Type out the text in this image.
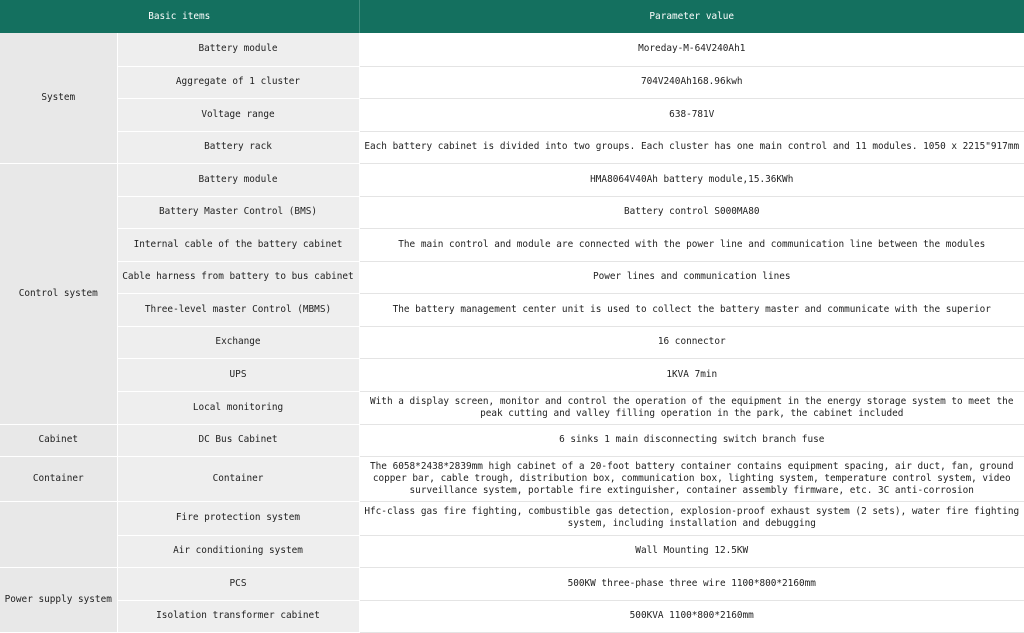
Basic items		Parameter value
System	Battery module	Moreday-M-64V240Ah1
	Aggregate of 1 cluster	704V240Ah168.96kwh
	Voltage range	638-781V
	Battery rack	Each battery cabinet is divided into two groups. Each cluster has one main control and 11 modules. 1050 x 2215"917mm
Control system	Battery module	HMA8064V40Ah battery module,15.36KWh
	Battery Master Control (BMS)	Battery control S000MA80
	Internal cable of the battery cabinet	The main control and module are connected with the power line and communication line between the modules
	Cable harness from battery to bus cabinet	Power lines and communication lines
	Three-level master Control (MBMS)	The battery management center unit is used to collect the battery master and communicate with the superior
	Exchange	16 connector
	UPS	1KVA 7min
	Local monitoring	With a display screen, monitor and control the operation of the equipment in the energy storage system to meet the peak cutting and valley filling operation in the park, the cabinet included
Cabinet	DC Bus Cabinet	6 sinks 1 main disconnecting switch branch fuse
Container	Container	The 6058*2438*2839mm high cabinet of a 20-foot battery container contains equipment spacing, air duct, fan, ground copper bar, cable trough, distribution box, communication box, lighting system, temperature control system, video surveillance system, portable fire extinguisher, container assembly firmware, etc. 3C anti-corrosion
	Fire protection system	Hfc-class gas fire fighting, combustible gas detection, explosion-proof exhaust system (2 sets), water fire fighting system, including installation and debugging
	Air conditioning system	Wall Mounting 12.5KW
Power supply system	PCS	500KW three-phase three wire 1100*800*2160mm
	Isolation transformer cabinet	500KVA 1100*800*2160mm
